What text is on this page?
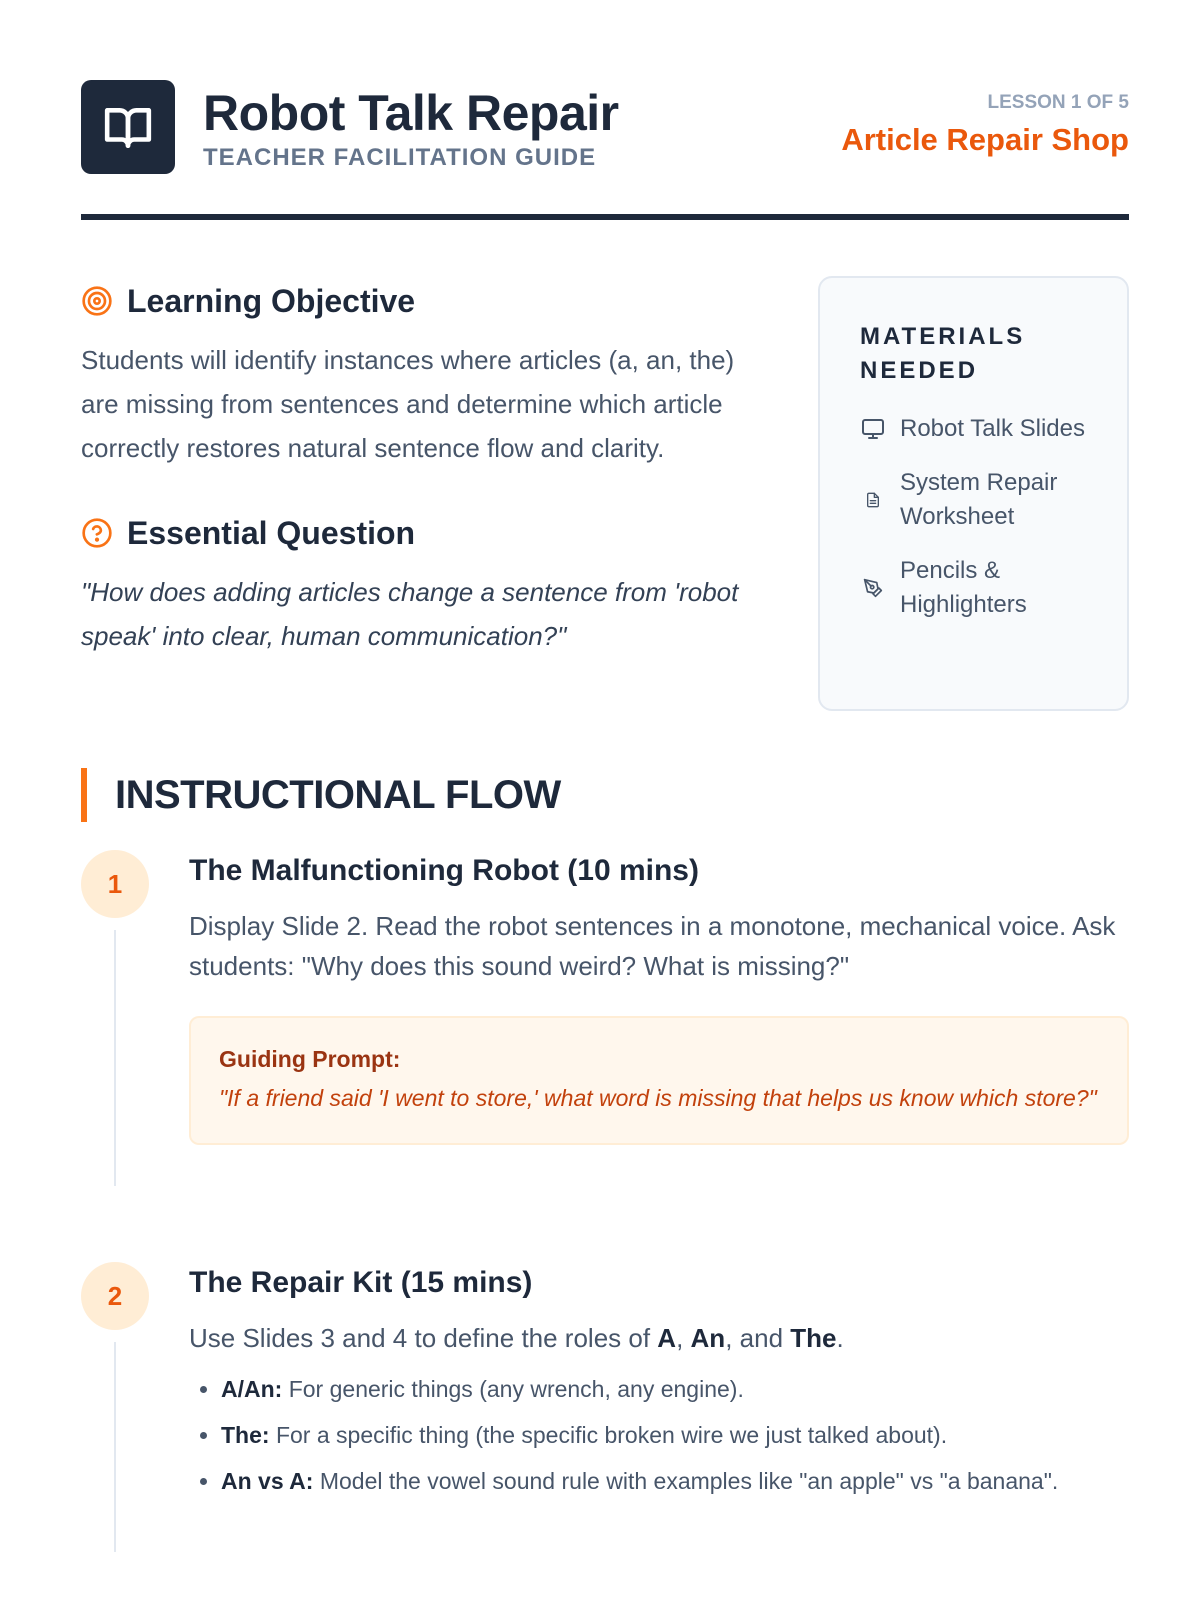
Robot Talk Repair
TEACHER FACILITATION GUIDE
LESSON 1 OF 5
Article Repair Shop
Learning Objective

Students will identify instances where articles (a, an, the) are missing from sentences and determine which article correctly restores natural sentence flow and clarity.

Essential Question

"How does adding articles change a sentence from 'robot speak' into clear, human communication?"

MATERIALS NEEDED
Robot Talk Slides
System Repair Worksheet
Pencils & Highlighters
INSTRUCTIONAL FLOW
1	The Malfunctioning Robot (10 mins)

Display Slide 2. Read the robot sentences in a monotone, mechanical voice. Ask students: "Why does this sound weird? What is missing?"

Guiding Prompt:
"If a friend said 'I went to store,' what word is missing that helps us know which store?"
2	The Repair Kit (15 mins)

Use Slides 3 and 4 to define the roles of A, An, and The.

• A/An: For generic things (any wrench, any engine).
• The: For a specific thing (the specific broken wire we just talked about).
• An vs A: Model the vowel sound rule with examples like "an apple" vs "a banana".
